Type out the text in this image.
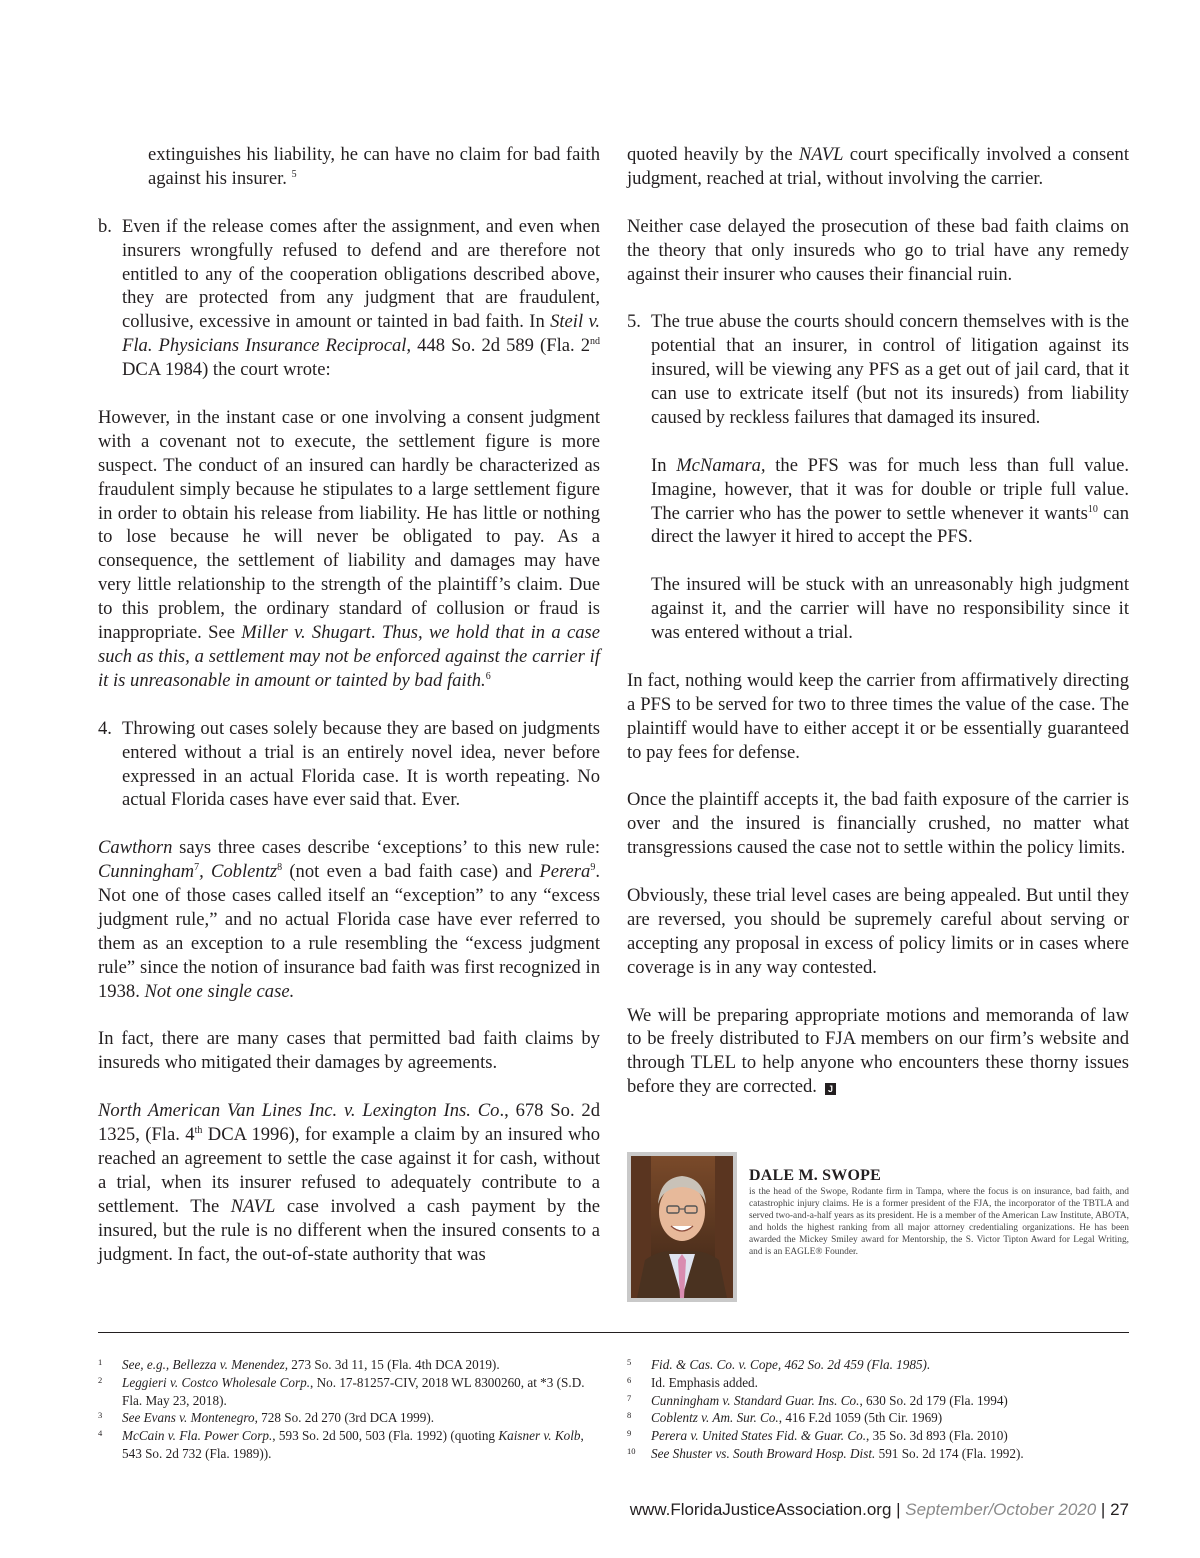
extinguishes his liability, he can have no claim for bad faith against his insurer. $^5$

b. Even if the release comes after the assignment, and even when insurers wrongfully refused to defend and are therefore not entitled to any of the cooperation obligations described above, they are protected from any judgment that are fraudulent, collusive, excessive in amount or tainted in bad faith. In Steil v. Fla. Physicians Insurance Reciprocal, 448 So. 2d 589 (Fla. 2nd DCA 1984) the court wrote:

However, in the instant case or one involving a consent judgment with a covenant not to execute, the settlement figure is more suspect. The conduct of an insured can hardly be characterized as fraudulent simply because he stipulates to a large settlement figure in order to obtain his release from liability. He has little or nothing to lose because he will never be obligated to pay. As a consequence, the settlement of liability and damages may have very little relationship to the strength of the plaintiff’s claim. Due to this problem, the ordinary standard of collusion or fraud is inappropriate. See Miller v. Shugart. Thus, we hold that in a case such as this, a settlement may not be enforced against the carrier if it is unreasonable in amount or tainted by bad faith.$^6$

4. Throwing out cases solely because they are based on judgments entered without a trial is an entirely novel idea, never before expressed in an actual Florida case. It is worth repeating. No actual Florida cases have ever said that. Ever.

Cawthorn says three cases describe ‘exceptions’ to this new rule: Cunningham$^7$, Coblentz$^8$ (not even a bad faith case) and Perera$^9$. Not one of those cases called itself an “exception” to any “excess judgment rule,” and no actual Florida case have ever referred to them as an exception to a rule resembling the “excess judgment rule” since the notion of insurance bad faith was first recognized in 1938. Not one single case.

In fact, there are many cases that permitted bad faith claims by insureds who mitigated their damages by agreements.

North American Van Lines Inc. v. Lexington Ins. Co., 678 So. 2d 1325, (Fla. 4th DCA 1996), for example a claim by an insured who reached an agreement to settle the case against it for cash, without a trial, when its insurer refused to adequately contribute to a settlement. The NAVL case involved a cash payment by the insured, but the rule is no different when the insured consents to a judgment. In fact, the out-of-state authority that was

quoted heavily by the NAVL court specifically involved a consent judgment, reached at trial, without involving the carrier.

Neither case delayed the prosecution of these bad faith claims on the theory that only insureds who go to trial have any remedy against their insurer who causes their financial ruin.

5. The true abuse the courts should concern themselves with is the potential that an insurer, in control of litigation against its insured, will be viewing any PFS as a get out of jail card, that it can use to extricate itself (but not its insureds) from liability caused by reckless failures that damaged its insured.

In McNamara, the PFS was for much less than full value. Imagine, however, that it was for double or triple full value. The carrier who has the power to settle whenever it wants$^{10}$ can direct the lawyer it hired to accept the PFS.

The insured will be stuck with an unreasonably high judgment against it, and the carrier will have no responsibility since it was entered without a trial.

In fact, nothing would keep the carrier from affirmatively directing a PFS to be served for two to three times the value of the case. The plaintiff would have to either accept it or be essentially guaranteed to pay fees for defense.

Once the plaintiff accepts it, the bad faith exposure of the carrier is over and the insured is financially crushed, no matter what transgressions caused the case not to settle within the policy limits.

Obviously, these trial level cases are being appealed. But until they are reversed, you should be supremely careful about serving or accepting any proposal in excess of policy limits or in cases where coverage is in any way contested.

We will be preparing appropriate motions and memoranda of law to be freely distributed to FJA members on our firm’s website and through TLEL to help anyone who encounters these thorny issues before they are corrected. J

DALE M. SWOPE
is the head of the Swope, Rodante firm in Tampa, where the focus is on insurance, bad faith, and catastrophic injury claims. He is a former president of the FJA, the incorporator of the TBTLA and served two-and-a-half years as its president. He is a member of the American Law Institute, ABOTA, and holds the highest ranking from all major attorney credentialing organizations. He has been awarded the Mickey Smiley award for Mentorship, the S. Victor Tipton Award for Legal Writing, and is an EAGLE® Founder.
1 See, e.g., Bellezza v. Menendez, 273 So. 3d 11, 15 (Fla. 4th DCA 2019).
2 Leggieri v. Costco Wholesale Corp., No. 17-81257-CIV, 2018 WL 8300260, at *3 (S.D. Fla. May 23, 2018).
3 See Evans v. Montenegro, 728 So. 2d 270 (3rd DCA 1999).
4 McCain v. Fla. Power Corp., 593 So. 2d 500, 503 (Fla. 1992) (quoting Kaisner v. Kolb, 543 So. 2d 732 (Fla. 1989)).
5 Fid. & Cas. Co. v. Cope, 462 So. 2d 459 (Fla. 1985).
6 Id. Emphasis added.
7 Cunningham v. Standard Guar. Ins. Co., 630 So. 2d 179 (Fla. 1994)
8 Coblentz v. Am. Sur. Co., 416 F.2d 1059 (5th Cir. 1969)
9 Perera v. United States Fid. & Guar. Co., 35 So. 3d 893 (Fla. 2010)
10 See Shuster vs. South Broward Hosp. Dist. 591 So. 2d 174 (Fla. 1992).
www.FloridaJusticeAssociation.org | September/October 2020 | 27
